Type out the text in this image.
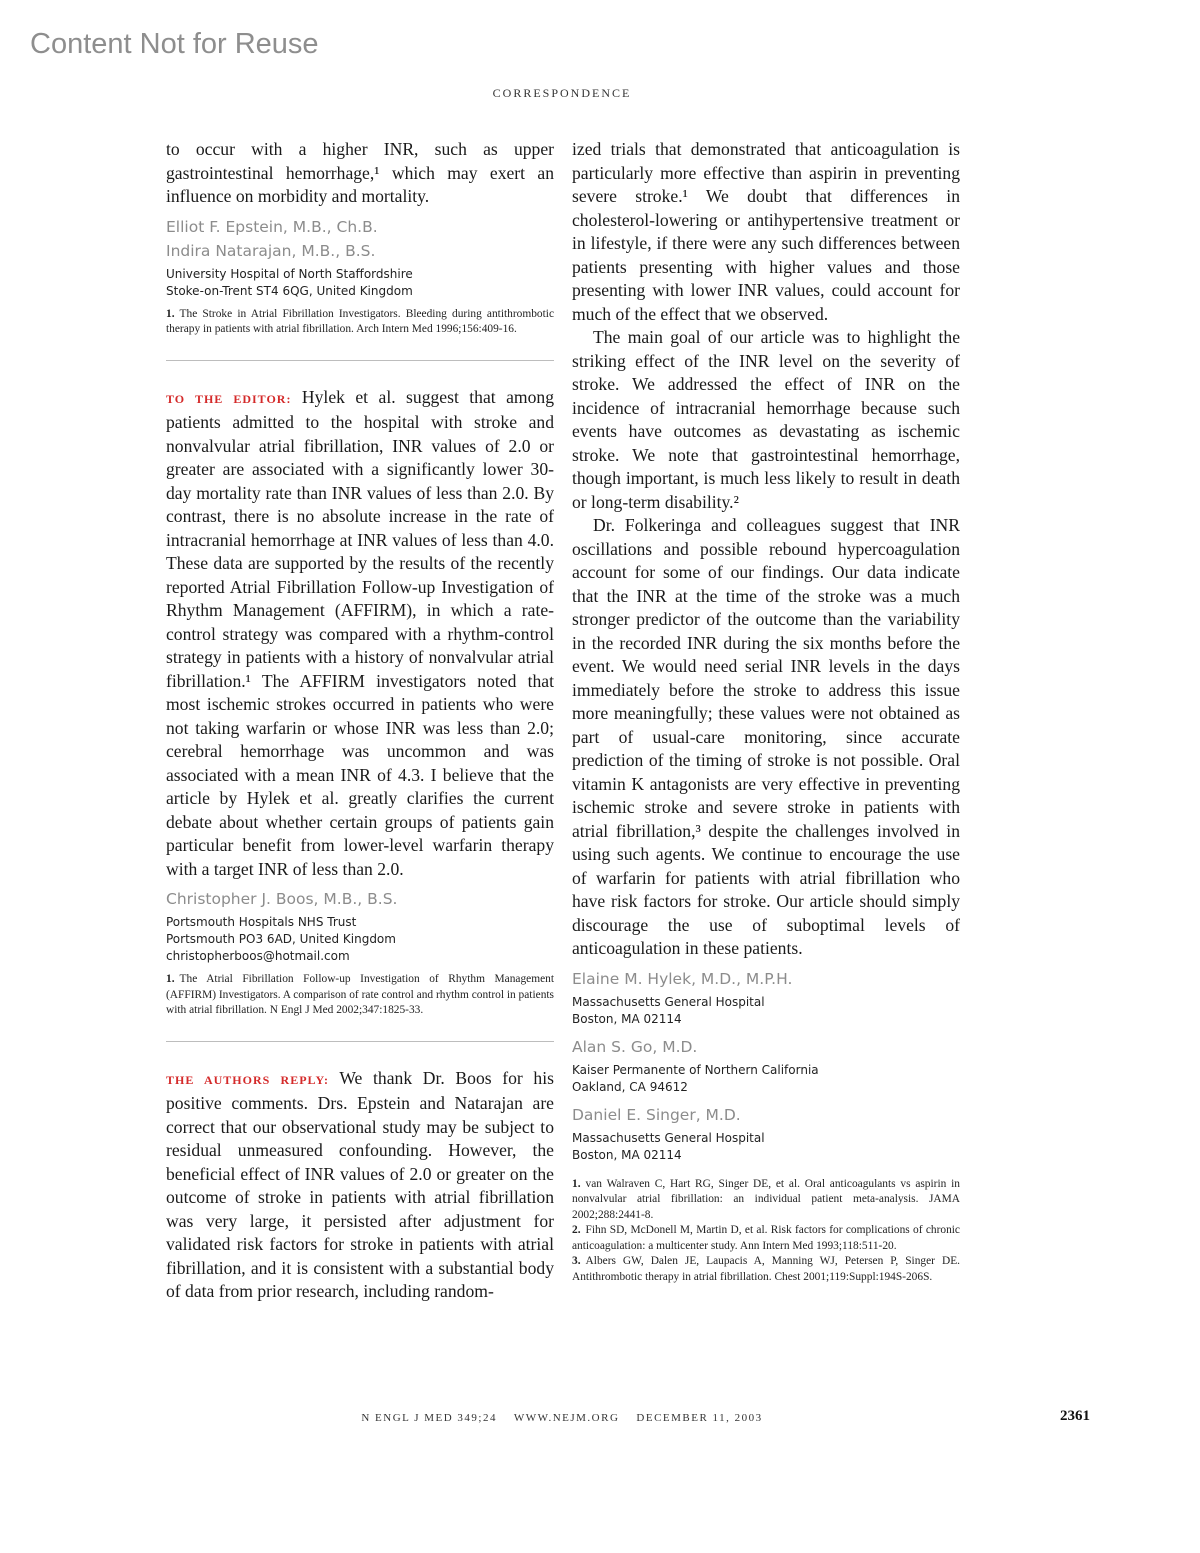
Content Not for Reuse
CORRESPONDENCE

to occur with a higher INR, such as upper gastrointestinal hemorrhage,¹ which may exert an influence on morbidity and mortality.

Elliot F. Epstein, M.B., Ch.B.

Indira Natarajan, M.B., B.S.

University Hospital of North Staffordshire
Stoke-on-Trent ST4 6QG, United Kingdom

1. The Stroke in Atrial Fibrillation Investigators. Bleeding during antithrombotic therapy in patients with atrial fibrillation. Arch Intern Med 1996;156:409-16.

TO THE EDITOR: Hylek et al. suggest that among patients admitted to the hospital with stroke and nonvalvular atrial fibrillation, INR values of 2.0 or greater are associated with a significantly lower 30-day mortality rate than INR values of less than 2.0. By contrast, there is no absolute increase in the rate of intracranial hemorrhage at INR values of less than 4.0. These data are supported by the results of the recently reported Atrial Fibrillation Follow-up Investigation of Rhythm Management (AFFIRM), in which a rate-control strategy was compared with a rhythm-control strategy in patients with a history of nonvalvular atrial fibrillation.¹ The AFFIRM investigators noted that most ischemic strokes occurred in patients who were not taking warfarin or whose INR was less than 2.0; cerebral hemorrhage was uncommon and was associated with a mean INR of 4.3. I believe that the article by Hylek et al. greatly clarifies the current debate about whether certain groups of patients gain particular benefit from lower-level warfarin therapy with a target INR of less than 2.0.

Christopher J. Boos, M.B., B.S.

Portsmouth Hospitals NHS Trust
Portsmouth PO3 6AD, United Kingdom
christopherboos@hotmail.com

1. The Atrial Fibrillation Follow-up Investigation of Rhythm Management (AFFIRM) Investigators. A comparison of rate control and rhythm control in patients with atrial fibrillation. N Engl J Med 2002;347:1825-33.

THE AUTHORS REPLY: We thank Dr. Boos for his positive comments. Drs. Epstein and Natarajan are correct that our observational study may be subject to residual unmeasured confounding. However, the beneficial effect of INR values of 2.0 or greater on the outcome of stroke in patients with atrial fibrillation was very large, it persisted after adjustment for validated risk factors for stroke in patients with atrial fibrillation, and it is consistent with a substantial body of data from prior research, including random-

ized trials that demonstrated that anticoagulation is particularly more effective than aspirin in preventing severe stroke.¹ We doubt that differences in cholesterol-lowering or antihypertensive treatment or in lifestyle, if there were any such differences between patients presenting with higher values and those presenting with lower INR values, could account for much of the effect that we observed.

The main goal of our article was to highlight the striking effect of the INR level on the severity of stroke. We addressed the effect of INR on the incidence of intracranial hemorrhage because such events have outcomes as devastating as ischemic stroke. We note that gastrointestinal hemorrhage, though important, is much less likely to result in death or long-term disability.²

Dr. Folkeringa and colleagues suggest that INR oscillations and possible rebound hypercoagulation account for some of our findings. Our data indicate that the INR at the time of the stroke was a much stronger predictor of the outcome than the variability in the recorded INR during the six months before the event. We would need serial INR levels in the days immediately before the stroke to address this issue more meaningfully; these values were not obtained as part of usual-care monitoring, since accurate prediction of the timing of stroke is not possible. Oral vitamin K antagonists are very effective in preventing ischemic stroke and severe stroke in patients with atrial fibrillation,³ despite the challenges involved in using such agents. We continue to encourage the use of warfarin for patients with atrial fibrillation who have risk factors for stroke. Our article should simply discourage the use of suboptimal levels of anticoagulation in these patients.

Elaine M. Hylek, M.D., M.P.H.

Massachusetts General Hospital
Boston, MA 02114

Alan S. Go, M.D.

Kaiser Permanente of Northern California
Oakland, CA 94612

Daniel E. Singer, M.D.

Massachusetts General Hospital
Boston, MA 02114

1. van Walraven C, Hart RG, Singer DE, et al. Oral anticoagulants vs aspirin in nonvalvular atrial fibrillation: an individual patient meta-analysis. JAMA 2002;288:2441-8.

2. Fihn SD, McDonell M, Martin D, et al. Risk factors for complications of chronic anticoagulation: a multicenter study. Ann Intern Med 1993;118:511-20.

3. Albers GW, Dalen JE, Laupacis A, Manning WJ, Petersen P, Singer DE. Antithrombotic therapy in atrial fibrillation. Chest 2001;119:Suppl:194S-206S.

N ENGL J MED 349;24 WWW.NEJM.ORG DECEMBER 11, 2003	2361
